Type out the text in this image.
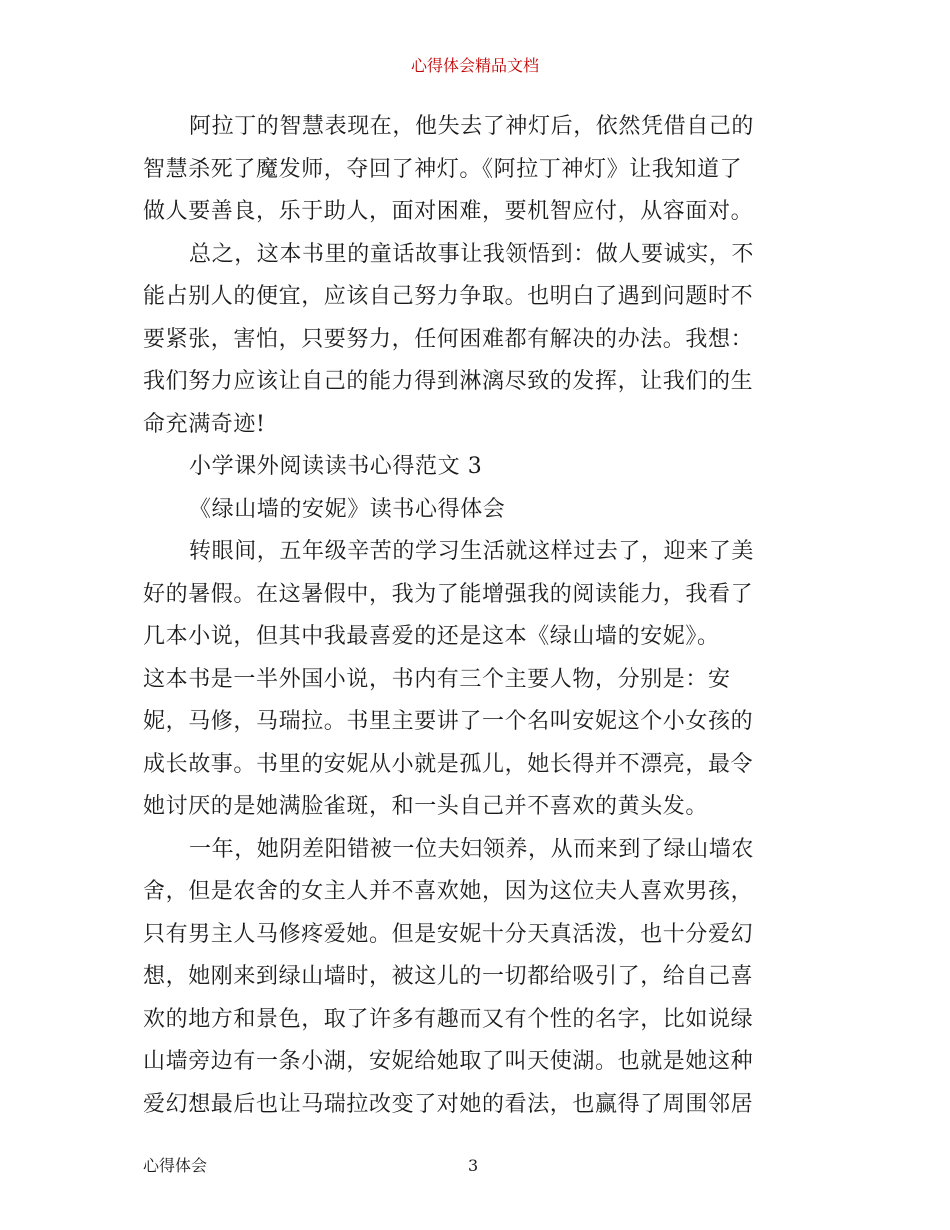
心得体会精品文档

阿拉丁的智慧表现在，他失去了神灯后，依然凭借自己的
智慧杀死了魔发师，夺回了神灯。《阿拉丁神灯》让我知道了
做人要善良，乐于助人，面对困难，要机智应付，从容面对。

总之，这本书里的童话故事让我领悟到：做人要诚实，不
能占别人的便宜，应该自己努力争取。也明白了遇到问题时不
要紧张，害怕，只要努力，任何困难都有解决的办法。我想：
我们努力应该让自己的能力得到淋漓尽致的发挥，让我们的生
命充满奇迹!

小学课外阅读读书心得范文 3

《绿山墙的安妮》读书心得体会

转眼间，五年级辛苦的学习生活就这样过去了，迎来了美
好的暑假。在这暑假中，我为了能增强我的阅读能力，我看了
几本小说，但其中我最喜爱的还是这本《绿山墙的安妮》。
这本书是一半外国小说，书内有三个主要人物，分别是：安
妮，马修，马瑞拉。书里主要讲了一个名叫安妮这个小女孩的
成长故事。书里的安妮从小就是孤儿，她长得并不漂亮，最令
她讨厌的是她满脸雀斑，和一头自己并不喜欢的黄头发。

一年，她阴差阳错被一位夫妇领养，从而来到了绿山墙农
舍，但是农舍的女主人并不喜欢她，因为这位夫人喜欢男孩，
只有男主人马修疼爱她。但是安妮十分天真活泼，也十分爱幻
想，她刚来到绿山墙时，被这儿的一切都给吸引了，给自己喜
欢的地方和景色，取了许多有趣而又有个性的名字，比如说绿
山墙旁边有一条小湖，安妮给她取了叫天使湖。也就是她这种
爱幻想最后也让马瑞拉改变了对她的看法，也赢得了周围邻居

心得体会	3
